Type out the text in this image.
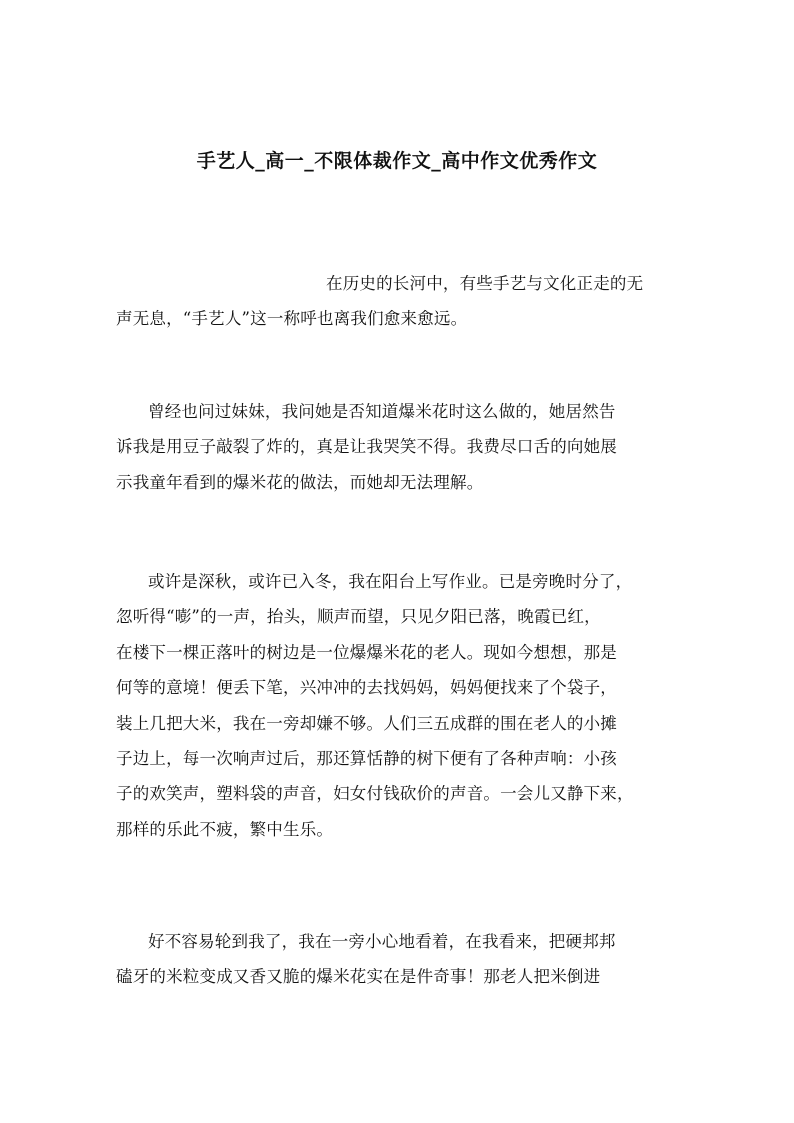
手艺人_高一_不限体裁作文_高中作文优秀作文
在历史的长河中，有些手艺与文化正走的无
声无息，“手艺人”这一称呼也离我们愈来愈远。
曾经也问过妹妹，我问她是否知道爆米花时这么做的，她居然告
诉我是用豆子敲裂了炸的，真是让我哭笑不得。我费尽口舌的向她展
示我童年看到的爆米花的做法，而她却无法理解。
或许是深秋，或许已入冬，我在阳台上写作业。已是旁晚时分了，
忽听得“嘭”的一声，抬头，顺声而望，只见夕阳已落，晚霞已红，
在楼下一棵正落叶的树边是一位爆爆米花的老人。现如今想想，那是
何等的意境！便丢下笔，兴冲冲的去找妈妈，妈妈便找来了个袋子，
装上几把大米，我在一旁却嫌不够。人们三五成群的围在老人的小摊
子边上，每一次响声过后，那还算恬静的树下便有了各种声响：小孩
子的欢笑声，塑料袋的声音，妇女付钱砍价的声音。一会儿又静下来，
那样的乐此不疲，繁中生乐。
好不容易轮到我了，我在一旁小心地看着，在我看来，把硬邦邦
磕牙的米粒变成又香又脆的爆米花实在是件奇事！那老人把米倒进
